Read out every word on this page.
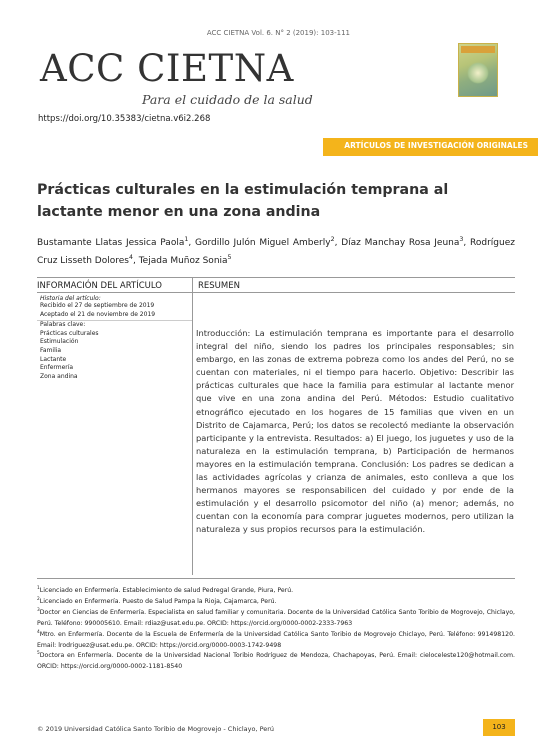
ACC CIETNA Vol. 6. N° 2 (2019): 103-111
ACC CIETNA
Para el cuidado de la salud
https://doi.org/10.35383/cietna.v6i2.268
ARTÍCULOS DE INVESTIGACIÓN ORIGINALES
Prácticas culturales en la estimulación temprana al lactante menor en una zona andina
Bustamante Llatas Jessica Paola$^1$, Gordillo Julón Miguel Amberly$^2$, Díaz Manchay Rosa Jeuna$^3$, Rodríguez Cruz Lisseth Dolores$^4$, Tejada Muñoz Sonia$^5$
INFORMACIÓN DEL ARTÍCULO
Historia del artículo:
Recibido el 27 de septiembre de 2019
Aceptado el 21 de noviembre de 2019
Palabras clave:
Prácticas culturales
Estimulación
Familia
Lactante
Enfermería
Zona andina
RESUMEN

Introducción: La estimulación temprana es importante para el desarrollo integral del niño, siendo los padres los principales responsables; sin embargo, en las zonas de extrema pobreza como los andes del Perú, no se cuentan con materiales, ni el tiempo para hacerlo. Objetivo: Describir las prácticas culturales que hace la familia para estimular al lactante menor que vive en una zona andina del Perú. Métodos: Estudio cualitativo etnográfico ejecutado en los hogares de 15 familias que viven en un Distrito de Cajamarca, Perú; los datos se recolectó mediante la observación participante y la entrevista. Resultados: a) El juego, los juguetes y uso de la naturaleza en la estimulación temprana, b) Participación de hermanos mayores en la estimulación temprana. Conclusión: Los padres se dedican a las actividades agrícolas y crianza de animales, esto conlleva a que los hermanos mayores se responsabilicen del cuidado y por ende de la estimulación y el desarrollo psicomotor del niño (a) menor; además, no cuentan con la economía para comprar juguetes modernos, pero utilizan la naturaleza y sus propios recursos para la estimulación.

$^1$Licenciado en Enfermería. Establecimiento de salud Pedregal Grande, Piura, Perú.

$^2$Licenciado en Enfermería. Puesto de Salud Pampa la Rioja, Cajamarca, Perú.

$^3$Doctor en Ciencias de Enfermería. Especialista en salud familiar y comunitaria. Docente de la Universidad Católica Santo Toribio de Mogrovejo, Chiclayo, Perú. Teléfono: 990005610. Email: rdiaz@usat.edu.pe. ORCID: https://orcid.org/0000-0002-2333-7963

$^4$Mtro. en Enfermería. Docente de la Escuela de Enfermería de la Universidad Católica Santo Toribio de Mogrovejo Chiclayo, Perú. Teléfono: 991498120. Email: lrodriguez@usat.edu.pe. ORCID: https://orcid.org/0000-0003-1742-9498

$^5$Doctora en Enfermería. Docente de la Universidad Nacional Toribio Rodríguez de Mendoza, Chachapoyas, Perú. Email: cieloceleste120@hotmail.com. ORCID: https://orcid.org/0000-0002-1181-8540

© 2019 Universidad Católica Santo Toribio de Mogrovejo - Chiclayo, Perú	103
